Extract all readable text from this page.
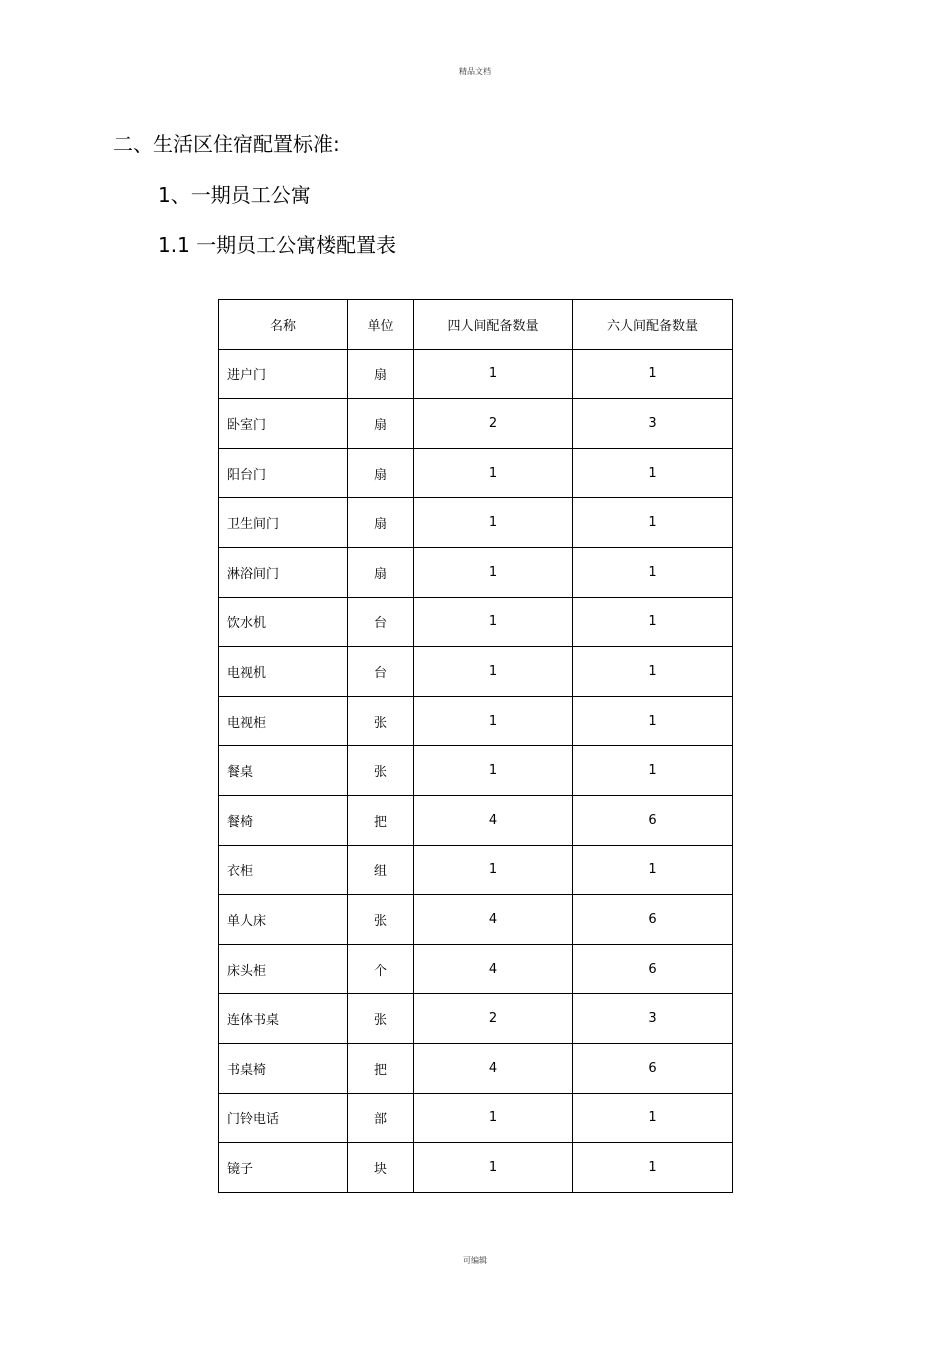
精品文档
二、生活区住宿配置标准:
1、一期员工公寓
1.1 一期员工公寓楼配置表
名称	单位	四人间配备数量	六人间配备数量
进户门	扇	1	1
卧室门	扇	2	3
阳台门	扇	1	1
卫生间门	扇	1	1
淋浴间门	扇	1	1
饮水机	台	1	1
电视机	台	1	1
电视柜	张	1	1
餐桌	张	1	1
餐椅	把	4	6
衣柜	组	1	1
单人床	张	4	6
床头柜	个	4	6
连体书桌	张	2	3
书桌椅	把	4	6
门铃电话	部	1	1
镜子	块	1	1
可编辑
